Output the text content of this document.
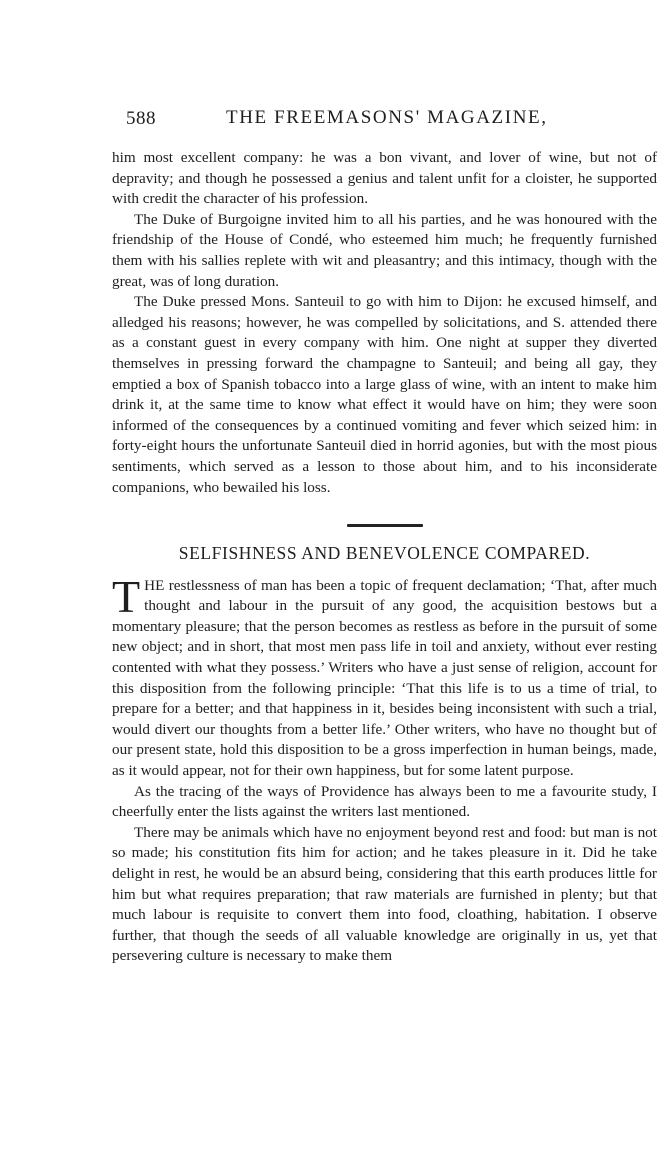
588	THE FREEMASONS' MAGAZINE,

him most excellent company: he was a bon vivant, and lover of wine, but not of depravity; and though he possessed a genius and talent unfit for a cloister, he supported with credit the character of his profession.

The Duke of Burgoigne invited him to all his parties, and he was honoured with the friendship of the House of Condé, who esteemed him much; he frequently furnished them with his sallies replete with wit and pleasantry; and this intimacy, though with the great, was of long duration.

The Duke pressed Mons. Santeuil to go with him to Dijon: he excused himself, and alledged his reasons; however, he was compelled by solicitations, and S. attended there as a constant guest in every company with him. One night at supper they diverted themselves in pressing forward the champagne to Santeuil; and being all gay, they emptied a box of Spanish tobacco into a large glass of wine, with an intent to make him drink it, at the same time to know what effect it would have on him; they were soon informed of the consequences by a continued vomiting and fever which seized him: in forty-eight hours the unfortunate Santeuil died in horrid agonies, but with the most pious sentiments, which served as a lesson to those about him, and to his inconsiderate companions, who bewailed his loss.

SELFISHNESS AND BENEVOLENCE COMPARED.

THE restlessness of man has been a topic of frequent declamation; ‘That, after much thought and labour in the pursuit of any good, the acquisition bestows but a momentary pleasure; that the person becomes as restless as before in the pursuit of some new object; and in short, that most men pass life in toil and anxiety, without ever resting contented with what they possess.’ Writers who have a just sense of religion, account for this disposition from the following principle: ‘That this life is to us a time of trial, to prepare for a better; and that happiness in it, besides being inconsistent with such a trial, would divert our thoughts from a better life.’ Other writers, who have no thought but of our present state, hold this disposition to be a gross imperfection in human beings, made, as it would appear, not for their own happiness, but for some latent purpose.

As the tracing of the ways of Providence has always been to me a favourite study, I cheerfully enter the lists against the writers last mentioned.

There may be animals which have no enjoyment beyond rest and food: but man is not so made; his constitution fits him for action; and he takes pleasure in it. Did he take delight in rest, he would be an absurd being, considering that this earth produces little for him but what requires preparation; that raw materials are furnished in plenty; but that much labour is requisite to convert them into food, cloathing, habitation. I observe further, that though the seeds of all valuable knowledge are originally in us, yet that persevering culture is necessary to make them
